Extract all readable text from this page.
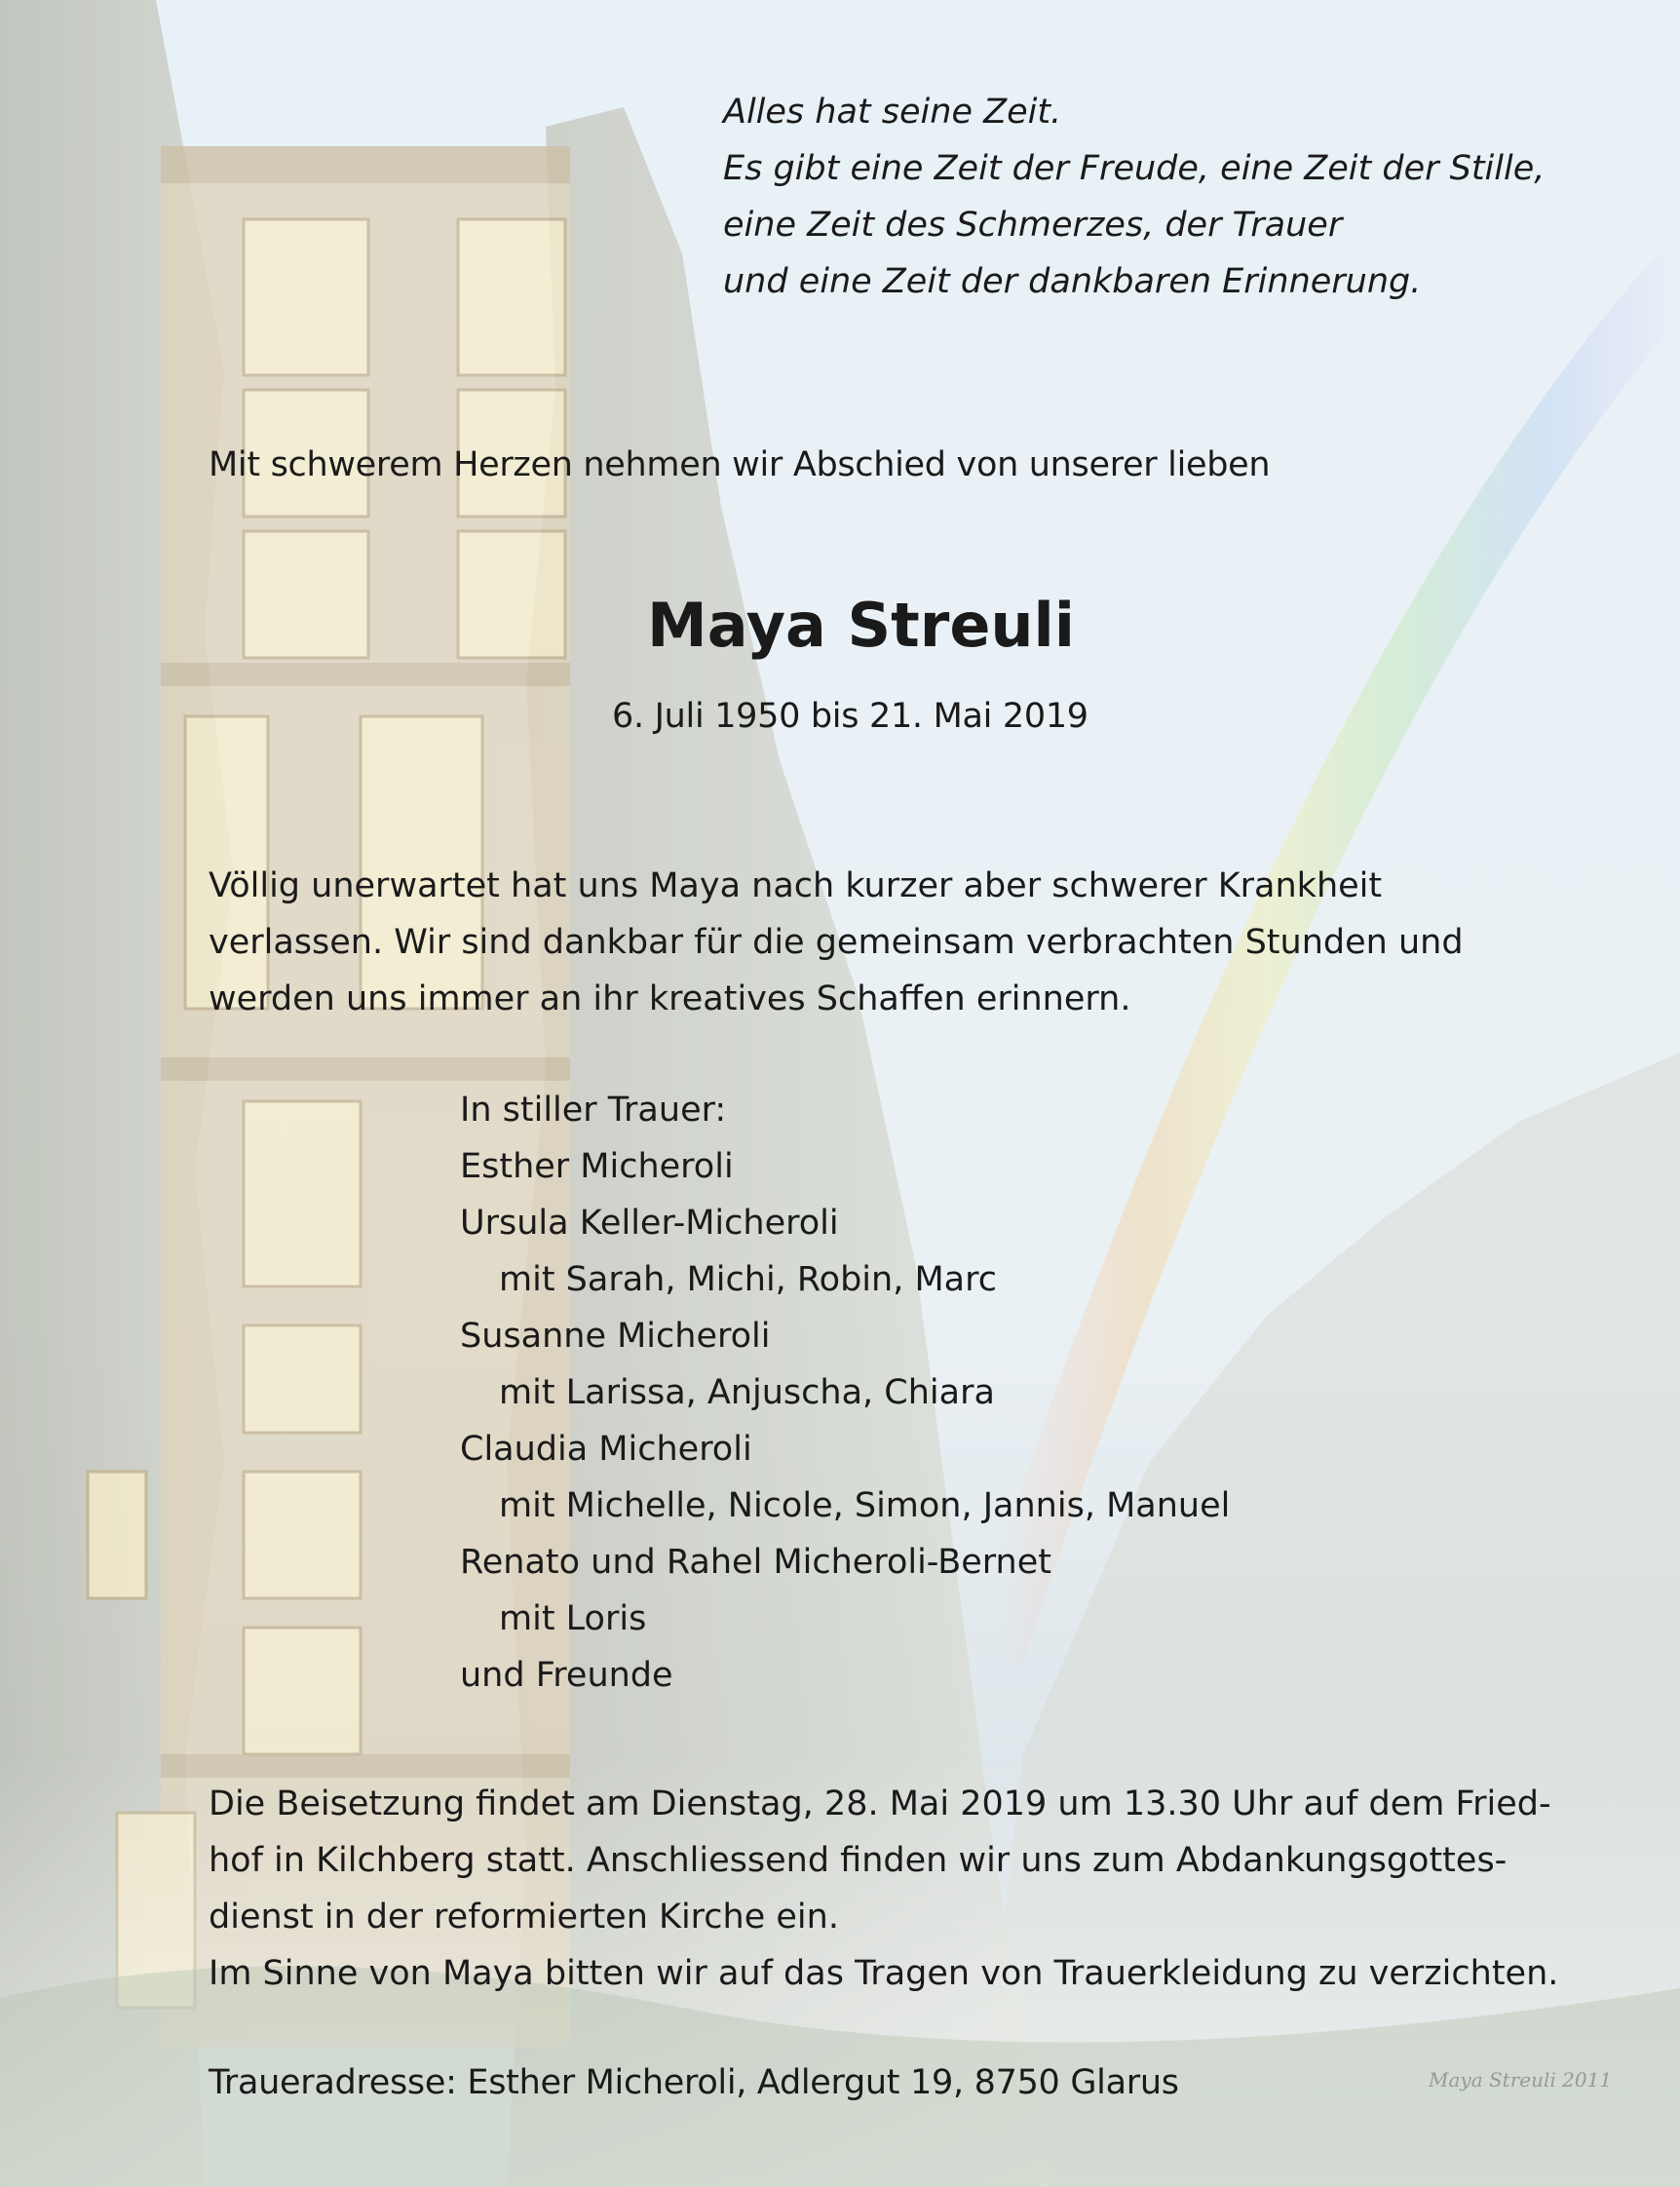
Alles hat seine Zeit.
Es gibt eine Zeit der Freude, eine Zeit der Stille,
eine Zeit des Schmerzes, der Trauer
und eine Zeit der dankbaren Erinnerung.
Mit schwerem Herzen nehmen wir Abschied von unserer lieben
Maya Streuli
6. Juli 1950 bis 21. Mai 2019
Völlig unerwartet hat uns Maya nach kurzer aber schwerer Krankheit
verlassen. Wir sind dankbar für die gemeinsam verbrachten Stunden und
werden uns immer an ihr kreatives Schaffen erinnern.
In stiller Trauer:
Esther Micheroli
Ursula Keller-Micheroli
mit Sarah, Michi, Robin, Marc
Susanne Micheroli
mit Larissa, Anjuscha, Chiara
Claudia Micheroli
mit Michelle, Nicole, Simon, Jannis, Manuel
Renato und Rahel Micheroli-Bernet
mit Loris
und Freunde
Die Beisetzung findet am Dienstag, 28. Mai 2019 um 13.30 Uhr auf dem Fried-
hof in Kilchberg statt. Anschliessend finden wir uns zum Abdankungsgottes-
dienst in der reformierten Kirche ein.
Im Sinne von Maya bitten wir auf das Tragen von Trauerkleidung zu verzichten.
Traueradresse: Esther Micheroli, Adlergut 19, 8750 Glarus	Maya Streuli 2011
